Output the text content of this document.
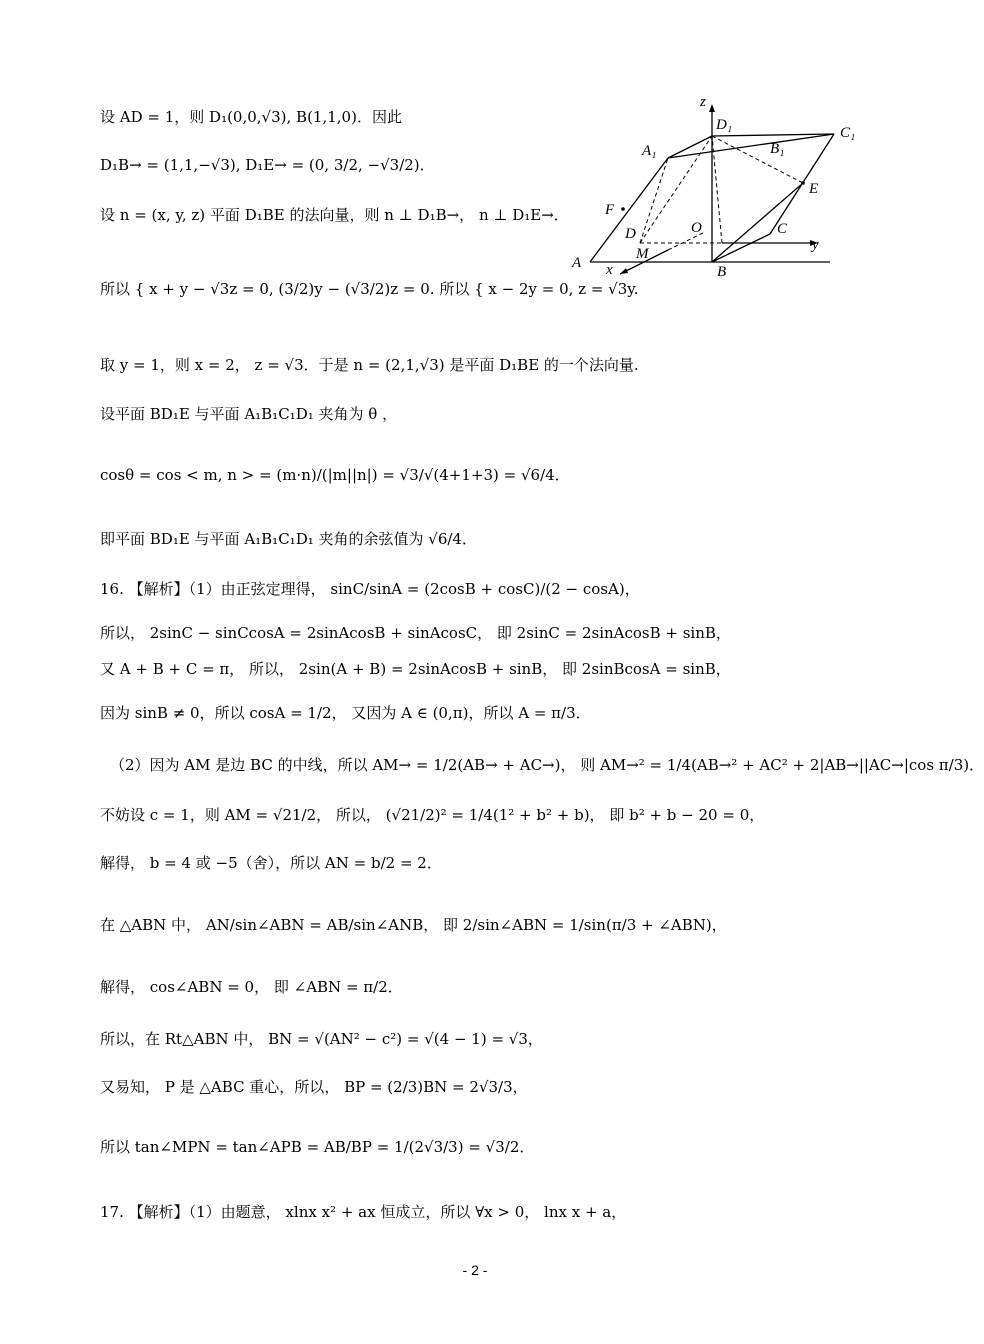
z
D₁	C₁
A₁	B₁
E
F
D	O	C
y
M
A x	B
设 AD = 1，则 D₁(0,0,√3), B(1,1,0)．因此
D₁B→ = (1,1,−√3), D₁E→ = (0, 3/2, −√3/2)．
设 n = (x, y, z) 平面 D₁BE 的法向量，则 n ⊥ D₁B→， n ⊥ D₁E→．
所以 { x + y − √3z = 0, (3/2)y − (√3/2)z = 0. 所以 { x − 2y = 0, z = √3y.
取 y = 1，则 x = 2， z = √3．于是 n = (2,1,√3) 是平面 D₁BE 的一个法向量.
设平面 BD₁E 与平面 A₁B₁C₁D₁ 夹角为 θ ，
cosθ = cos < m, n > = (m·n)/(|m||n|) = √3/√(4+1+3) = √6/4．
即平面 BD₁E 与平面 A₁B₁C₁D₁ 夹角的余弦值为 √6/4．
16. 【解析】（1）由正弦定理得， sinC/sinA = (2cosB + cosC)/(2 − cosA)，
所以， 2sinC − sinCcosA = 2sinAcosB + sinAcosC， 即 2sinC = 2sinAcosB + sinB，
又 A + B + C = π， 所以， 2sin(A + B) = 2sinAcosB + sinB， 即 2sinBcosA = sinB，
因为 sinB ≠ 0，所以 cosA = 1/2， 又因为 A ∈ (0,π)，所以 A = π/3．
（2）因为 AM 是边 BC 的中线，所以 AM→ = 1/2(AB→ + AC→)， 则 AM→² = 1/4(AB→² + AC² + 2|AB→||AC→|cos π/3)．
不妨设 c = 1，则 AM = √21/2， 所以， (√21/2)² = 1/4(1² + b² + b)， 即 b² + b − 20 = 0，
解得， b = 4 或 −5（舍），所以 AN = b/2 = 2．
在 △ABN 中， AN/sin∠ABN = AB/sin∠ANB， 即 2/sin∠ABN = 1/sin(π/3 + ∠ABN)，
解得， cos∠ABN = 0， 即 ∠ABN = π/2．
所以，在 Rt△ABN 中， BN = √(AN² − c²) = √(4 − 1) = √3，
又易知， P 是 △ABC 重心，所以， BP = (2/3)BN = 2√3/3，
所以 tan∠MPN = tan∠APB = AB/BP = 1/(2√3/3) = √3/2．
17. 【解析】（1）由题意， xlnx x² + ax 恒成立，所以 ∀x > 0， lnx x + a，
- 2 -
